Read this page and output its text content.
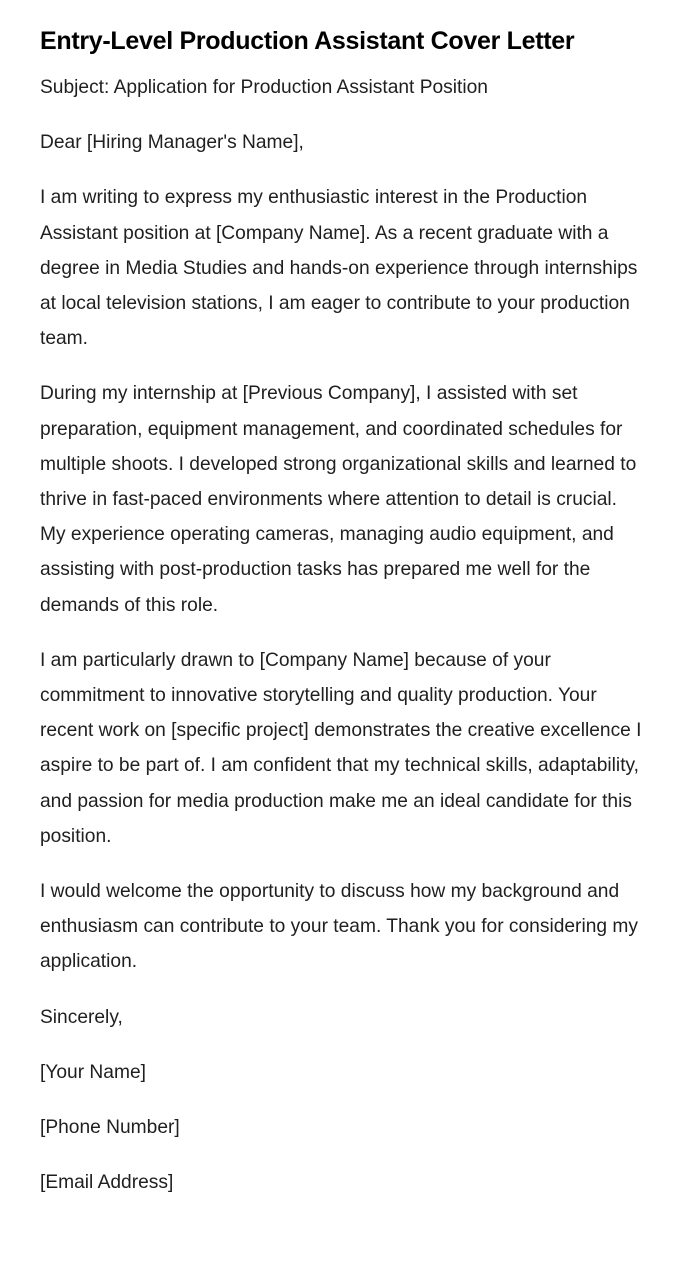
Entry-Level Production Assistant Cover Letter

Subject: Application for Production Assistant Position

Dear [Hiring Manager's Name],

I am writing to express my enthusiastic interest in the Production Assistant position at [Company Name]. As a recent graduate with a degree in Media Studies and hands-on experience through internships at local television stations, I am eager to contribute to your production team.

During my internship at [Previous Company], I assisted with set preparation, equipment management, and coordinated schedules for multiple shoots. I developed strong organizational skills and learned to thrive in fast-paced environments where attention to detail is crucial. My experience operating cameras, managing audio equipment, and assisting with post-production tasks has prepared me well for the demands of this role.

I am particularly drawn to [Company Name] because of your commitment to innovative storytelling and quality production. Your recent work on [specific project] demonstrates the creative excellence I aspire to be part of. I am confident that my technical skills, adaptability, and passion for media production make me an ideal candidate for this position.

I would welcome the opportunity to discuss how my background and enthusiasm can contribute to your team. Thank you for considering my application.

Sincerely,

[Your Name]

[Phone Number]

[Email Address]
